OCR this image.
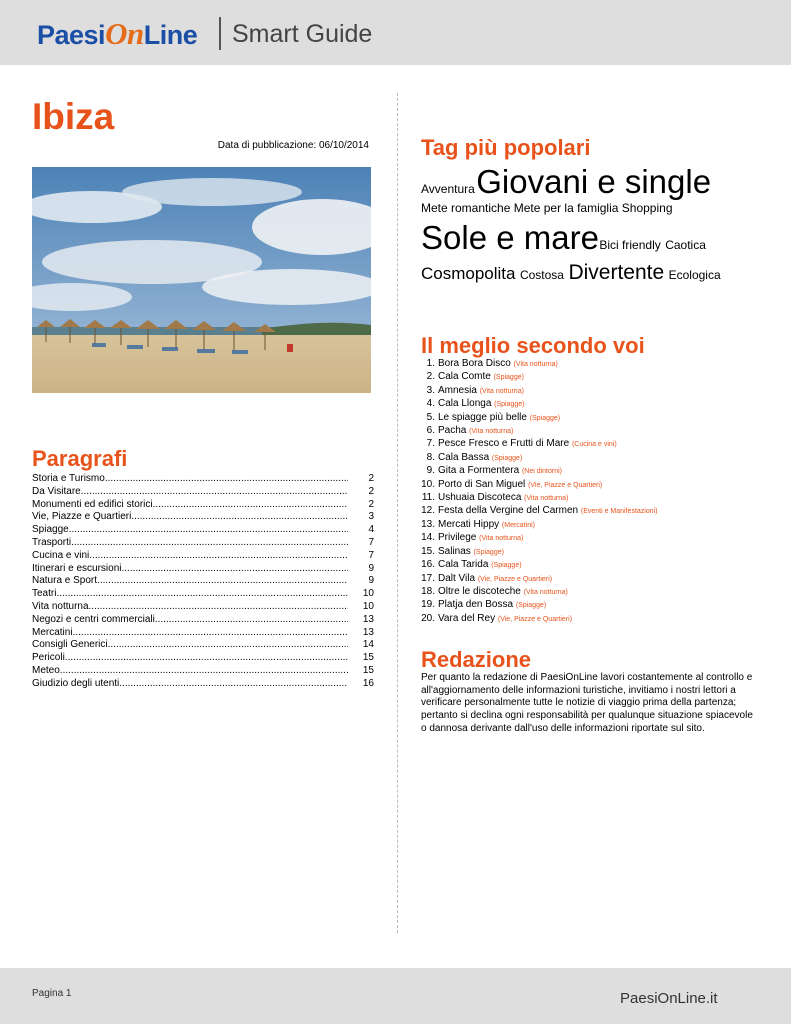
PaesiOnLine Smart Guide
Ibiza
Data di pubblicazione: 06/10/2014
Paragrafi
Storia e Turismo .....	2
Da Visitare .....	2
Monumenti ed edifici storici .....	2
Vie, Piazze e Quartieri .....	3
Spiagge .....	4
Trasporti .....	7
Cucina e vini .....	7
Itinerari e escursioni .....	9
Natura e Sport .....	9
Teatri .....	10
Vita notturna .....	10
Negozi e centri commerciali .....	13
Mercatini .....	13
Consigli Generici .....	14
Pericoli .....	15
Meteo .....	15
Giudizio degli utenti .....	16
Tag più popolari
Avventura Giovani e single
Mete romantiche Mete per la famiglia Shopping
Sole e mare Bici friendly Caotica
Cosmopolita Costosa Divertente Ecologica
Il meglio secondo voi
1. Bora Bora Disco (Vita notturna)
2. Cala Comte (Spiagge)
3. Amnesia (Vita notturna)
4. Cala Llonga (Spiagge)
5. Le spiagge più belle (Spiagge)
6. Pacha (Vita notturna)
7. Pesce Fresco e Frutti di Mare (Cucina e vini)
8. Cala Bassa (Spiagge)
9. Gita a Formentera (Nei dintorni)
10. Porto di San Miguel (Vie, Piazze e Quartieri)
11. Ushuaia Discoteca (Vita notturna)
12. Festa della Vergine del Carmen (Eventi e Manifestazioni)
13. Mercati Hippy (Mercatini)
14. Privilege (Vita notturna)
15. Salinas (Spiagge)
16. Cala Tarida (Spiagge)
17. Dalt Vila (Vie, Piazze e Quartieri)
18. Oltre le discoteche (Vita notturna)
19. Platja den Bossa (Spiagge)
20. Vara del Rey (Vie, Piazze e Quartieri)
Redazione
Per quanto la redazione di PaesiOnLine lavori costantemente al controllo e all'aggiornamento delle informazioni turistiche, invitiamo i nostri lettori a verificare personalmente tutte le notizie di viaggio prima della partenza; pertanto si declina ogni responsabilità per qualunque situazione spiacevole o dannosa derivante dall'uso delle informazioni riportate sul sito.
Pagina 1	PaesiOnLine.it
